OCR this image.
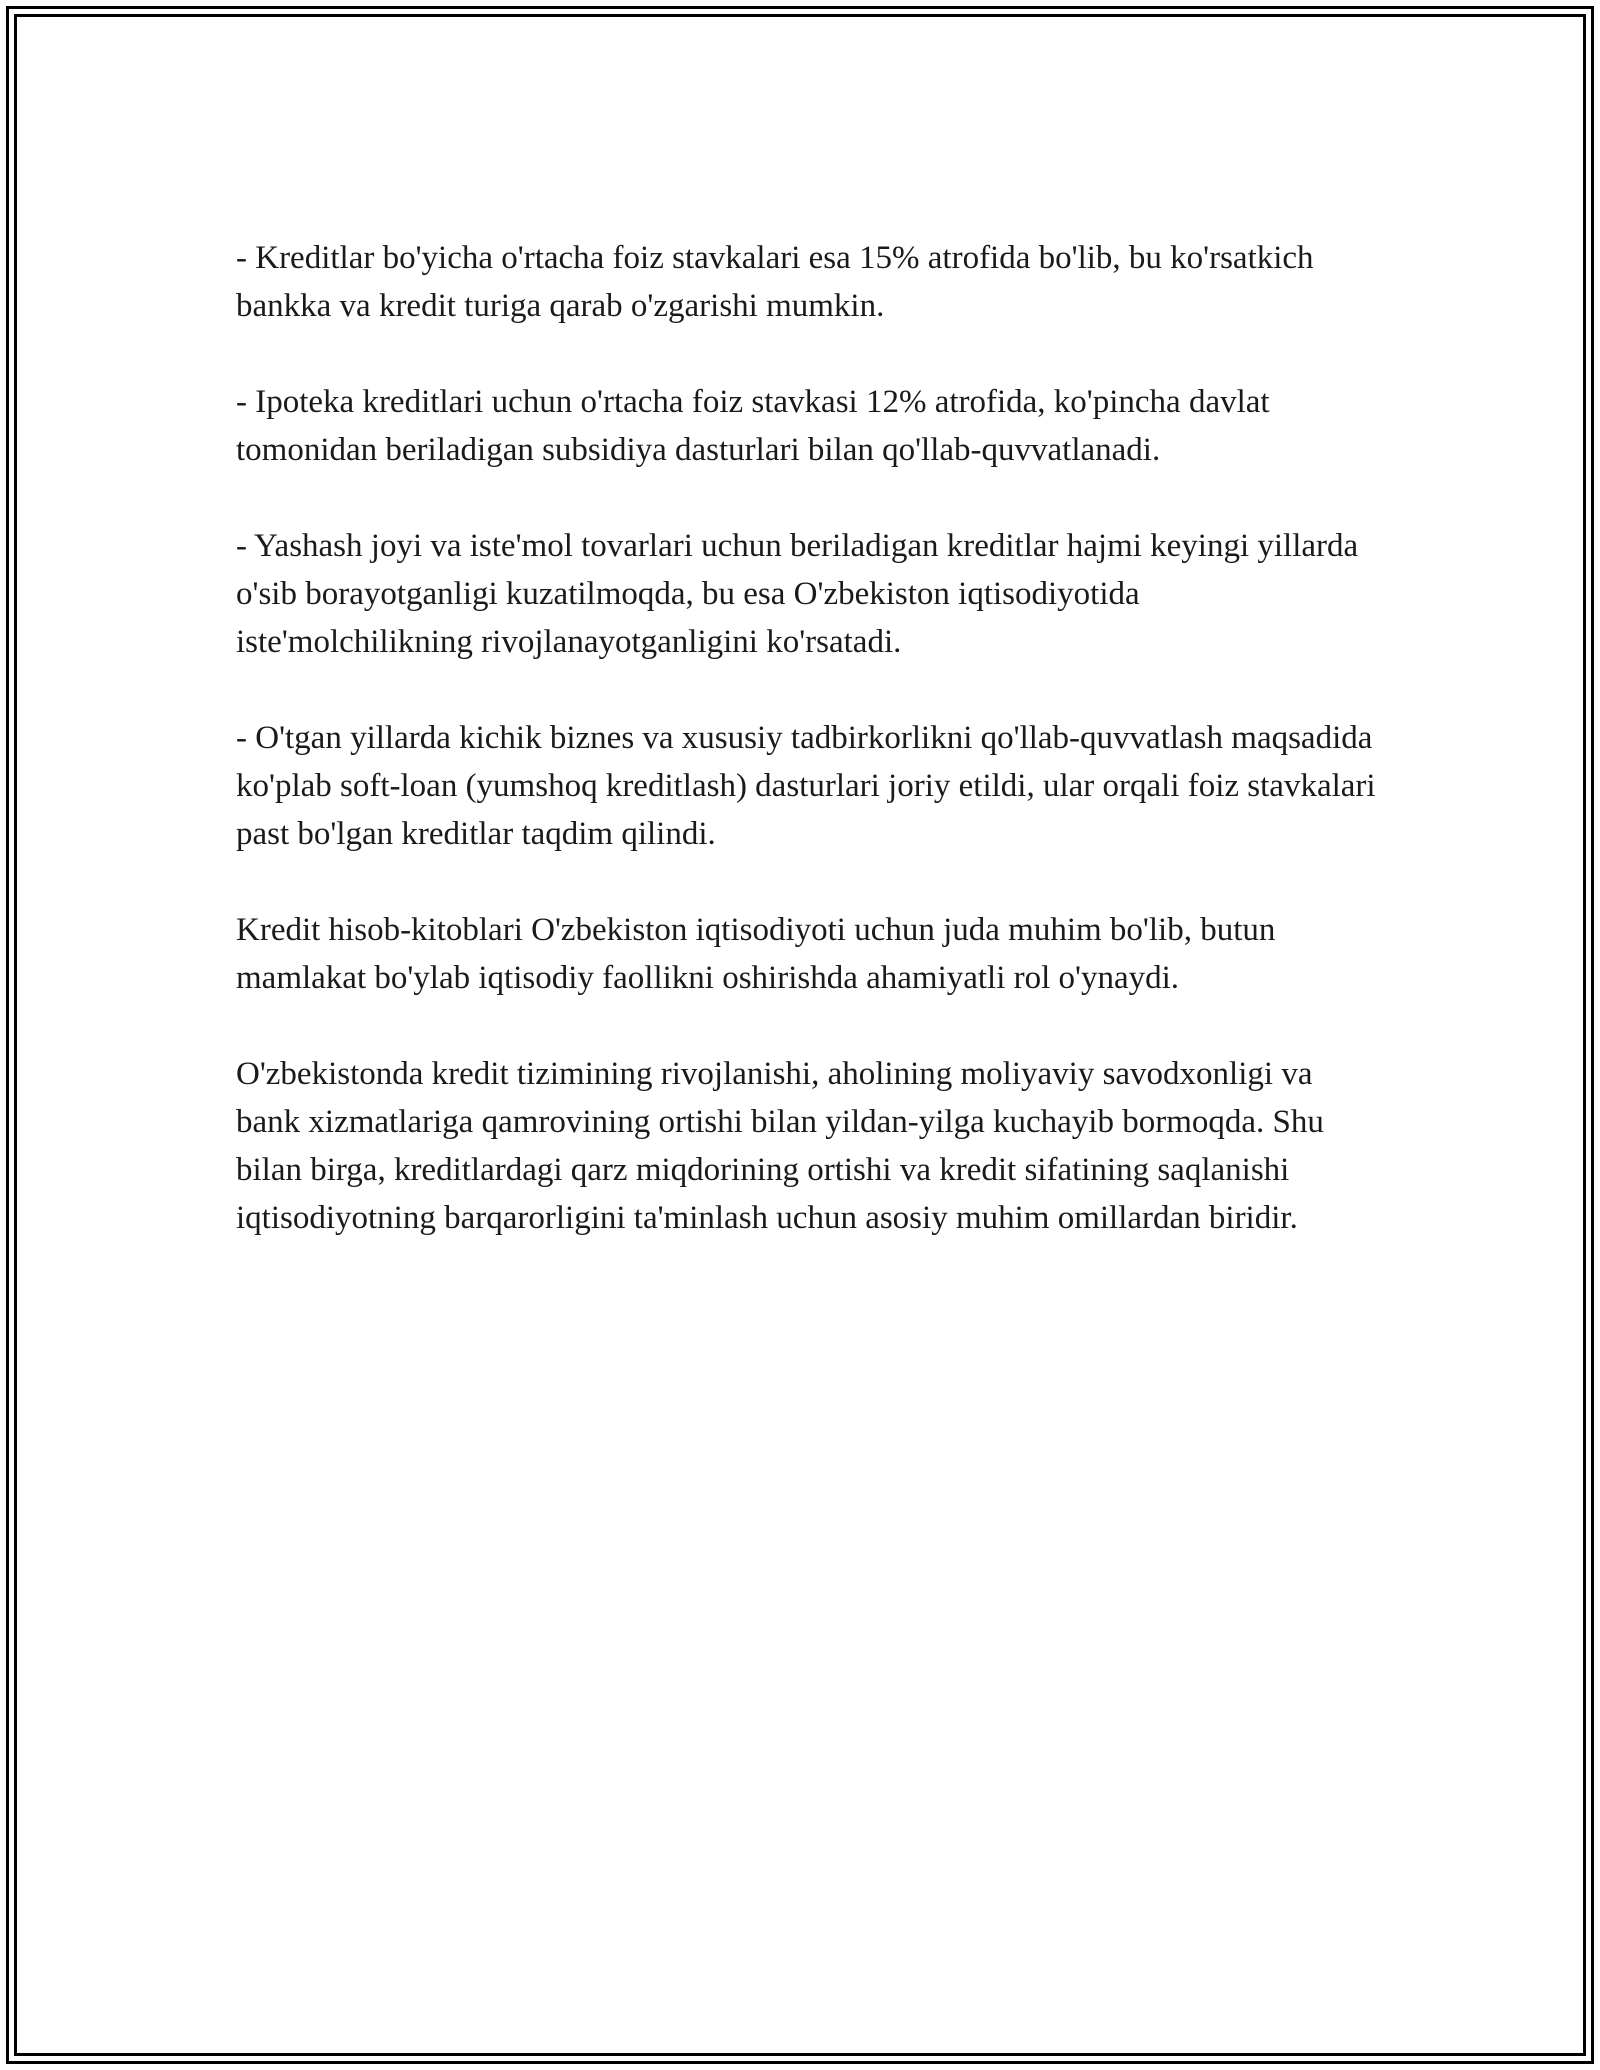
- Kreditlar bo'yicha o'rtacha foiz stavkalari esa 15% atrofida bo'lib, bu ko'rsatkich bankka va kredit turiga qarab o'zgarishi mumkin.

- Ipoteka kreditlari uchun o'rtacha foiz stavkasi 12% atrofida, ko'pincha davlat tomonidan beriladigan subsidiya dasturlari bilan qo'llab-quvvatlanadi.

- Yashash joyi va iste'mol tovarlari uchun beriladigan kreditlar hajmi keyingi yillarda o'sib borayotganligi kuzatilmoqda, bu esa O'zbekiston iqtisodiyotida iste'molchilikning rivojlanayotganligini ko'rsatadi.

- O'tgan yillarda kichik biznes va xususiy tadbirkorlikni qo'llab-quvvatlash maqsadida ko'plab soft-loan (yumshoq kreditlash) dasturlari joriy etildi, ular orqali foiz stavkalari past bo'lgan kreditlar taqdim qilindi.

Kredit hisob-kitoblari O'zbekiston iqtisodiyoti uchun juda muhim bo'lib, butun mamlakat bo'ylab iqtisodiy faollikni oshirishda ahamiyatli rol o'ynaydi.

O'zbekistonda kredit tizimining rivojlanishi, aholining moliyaviy savodxonligi va bank xizmatlariga qamrovining ortishi bilan yildan-yilga kuchayib bormoqda. Shu bilan birga, kreditlardagi qarz miqdorining ortishi va kredit sifatining saqlanishi iqtisodiyotning barqarorligini ta'minlash uchun asosiy muhim omillardan biridir.
